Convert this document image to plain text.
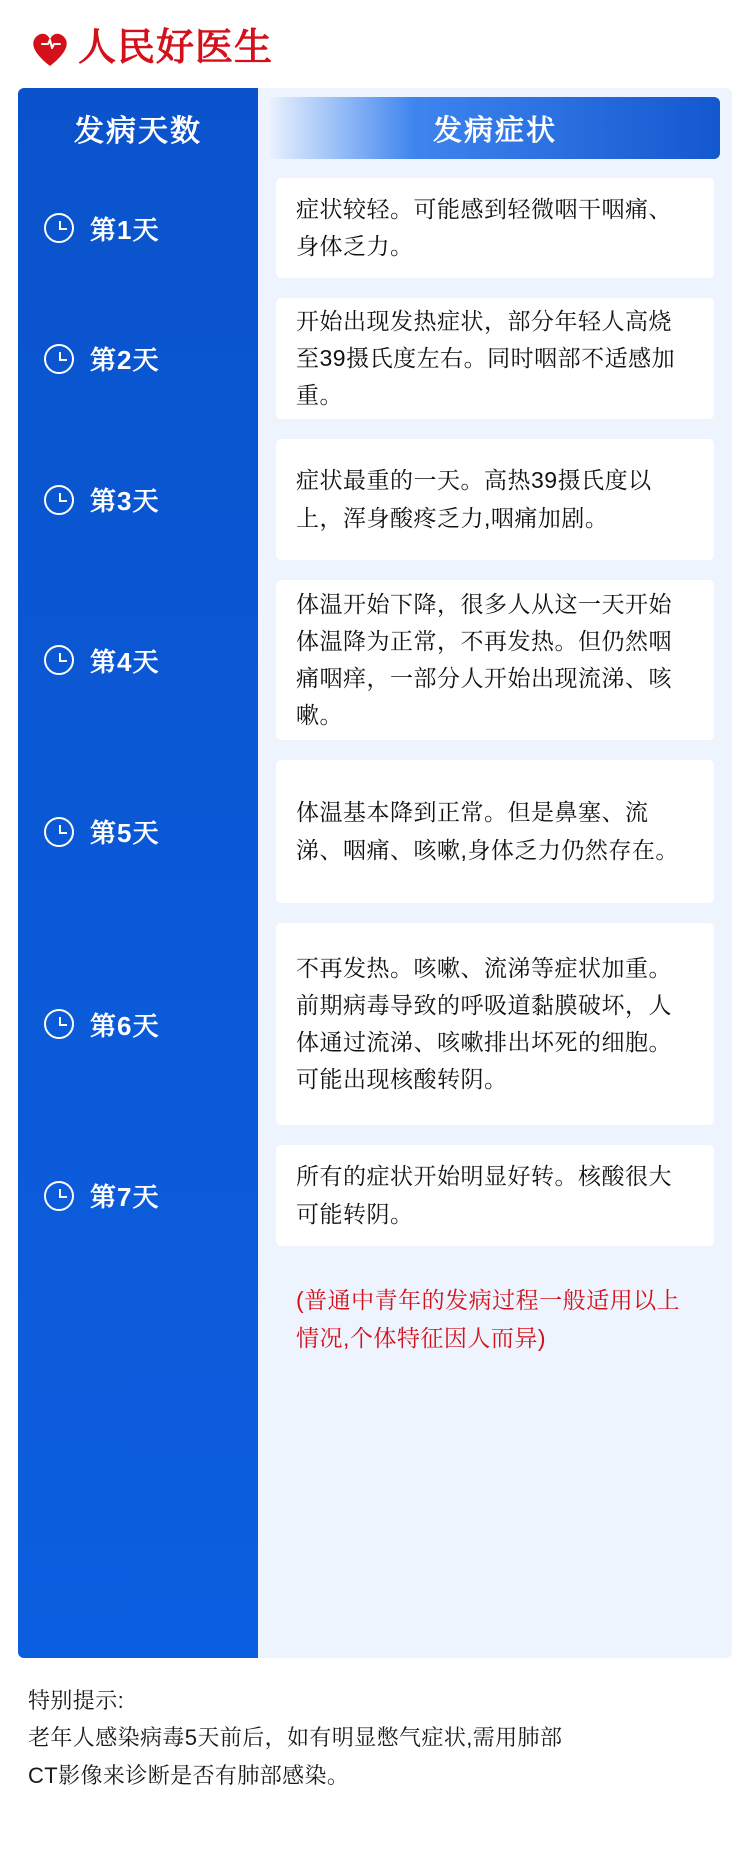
人民好医生
发病天数
第1天
第2天
第3天
第4天
第5天
第6天
第7天
发病症状
症状较轻。可能感到轻微咽干咽痛、身体乏力。
开始出现发热症状，部分年轻人高烧至39摄氏度左右。同时咽部不适感加重。
症状最重的一天。高热39摄氏度以上，浑身酸疼乏力,咽痛加剧。
体温开始下降，很多人从这一天开始体温降为正常，不再发热。但仍然咽痛咽痒，一部分人开始出现流涕、咳嗽。
体温基本降到正常。但是鼻塞、流涕、咽痛、咳嗽,身体乏力仍然存在。
不再发热。咳嗽、流涕等症状加重。前期病毒导致的呼吸道黏膜破坏，人体通过流涕、咳嗽排出坏死的细胞。可能出现核酸转阴。
所有的症状开始明显好转。核酸很大可能转阴。
(普通中青年的发病过程一般适用以上情况,个体特征因人而异)
特别提示:
老年人感染病毒5天前后，如有明显憋气症状,需用肺部
CT影像来诊断是否有肺部感染。
